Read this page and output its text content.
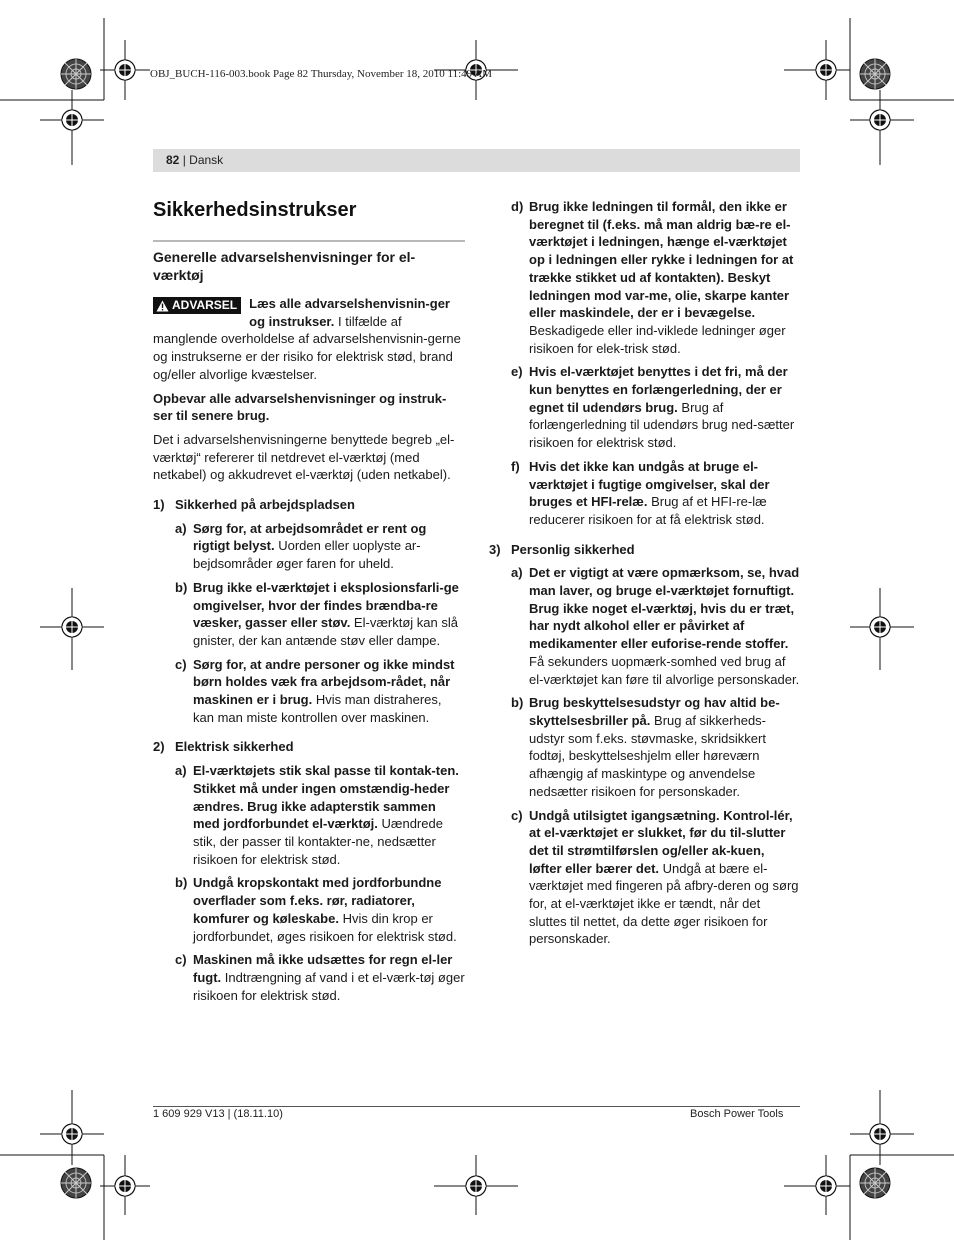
OBJ_BUCH-116-003.book Page 82 Thursday, November 18, 2010 11:49 AM
82 | Dansk
Sikkerhedsinstrukser
Generelle advarselshenvisninger for el-værktøj
ADVARSEL Læs alle advarselshenvisnin-ger og instrukser. I tilfælde af manglende overholdelse af advarselshenvisnin-gerne og instrukserne er der risiko for elektrisk stød, brand og/eller alvorlige kvæstelser.

Opbevar alle advarselshenvisninger og instruk-ser til senere brug.

Det i advarselshenvisningerne benyttede begreb „el-værktøj“ refererer til netdrevet el-værktøj (med netkabel) og akkudrevet el-værktøj (uden netkabel).

1) Sikkerhed på arbejdspladsen
a) Sørg for, at arbejdsområdet er rent og rigtigt belyst. Uorden eller uoplyste ar-bejdsområder øger faren for uheld.
b) Brug ikke el-værktøjet i eksplosionsfarli-ge omgivelser, hvor der findes brændba-re væsker, gasser eller støv. El-værktøj kan slå gnister, der kan antænde støv eller dampe.
c) Sørg for, at andre personer og ikke mindst børn holdes væk fra arbejdsom-rådet, når maskinen er i brug. Hvis man distraheres, kan man miste kontrollen over maskinen.
2) Elektrisk sikkerhed
a) El-værktøjets stik skal passe til kontak-ten. Stikket må under ingen omstændig-heder ændres. Brug ikke adapterstik sammen med jordforbundet el-værktøj. Uændrede stik, der passer til kontakter-ne, nedsætter risikoen for elektrisk stød.
b) Undgå kropskontakt med jordforbundne overflader som f.eks. rør, radiatorer, komfurer og køleskabe. Hvis din krop er jordforbundet, øges risikoen for elektrisk stød.
c) Maskinen må ikke udsættes for regn el-ler fugt. Indtrængning af vand i et el-værk-tøj øger risikoen for elektrisk stød.
d) Brug ikke ledningen til formål, den ikke er beregnet til (f.eks. må man aldrig bæ-re el-værktøjet i ledningen, hænge el-værktøjet op i ledningen eller rykke i ledningen for at trække stikket ud af kontakten). Beskyt ledningen mod var-me, olie, skarpe kanter eller maskindele, der er i bevægelse. Beskadigede eller ind-viklede ledninger øger risikoen for elek-trisk stød.
e) Hvis el-værktøjet benyttes i det fri, må der kun benyttes en forlængerledning, der er egnet til udendørs brug. Brug af forlængerledning til udendørs brug ned-sætter risikoen for elektrisk stød.
f) Hvis det ikke kan undgås at bruge el-værktøjet i fugtige omgivelser, skal der bruges et HFI-relæ. Brug af et HFI-re-læ reducerer risikoen for at få elektrisk stød.
3) Personlig sikkerhed
a) Det er vigtigt at være opmærksom, se, hvad man laver, og bruge el-værktøjet fornuftigt. Brug ikke noget el-værktøj, hvis du er træt, har nydt alkohol eller er påvirket af medikamenter eller euforise-rende stoffer. Få sekunders uopmærk-somhed ved brug af el-værktøjet kan føre til alvorlige personskader.
b) Brug beskyttelsesudstyr og hav altid be-skyttelsesbriller på. Brug af sikkerheds-udstyr som f.eks. støvmaske, skridsikkert fodtøj, beskyttelseshjelm eller høreværn afhængig af maskintype og anvendelse nedsætter risikoen for personskader.
c) Undgå utilsigtet igangsætning. Kontrol-lér, at el-værktøjet er slukket, før du til-slutter det til strømtilførslen og/eller ak-kuen, løfter eller bærer det. Undgå at bære el-værktøjet med fingeren på afbry-deren og sørg for, at el-værktøjet ikke er tændt, når det sluttes til nettet, da dette øger risikoen for personskader.
1 609 929 V13 | (18.11.10)	Bosch Power Tools
